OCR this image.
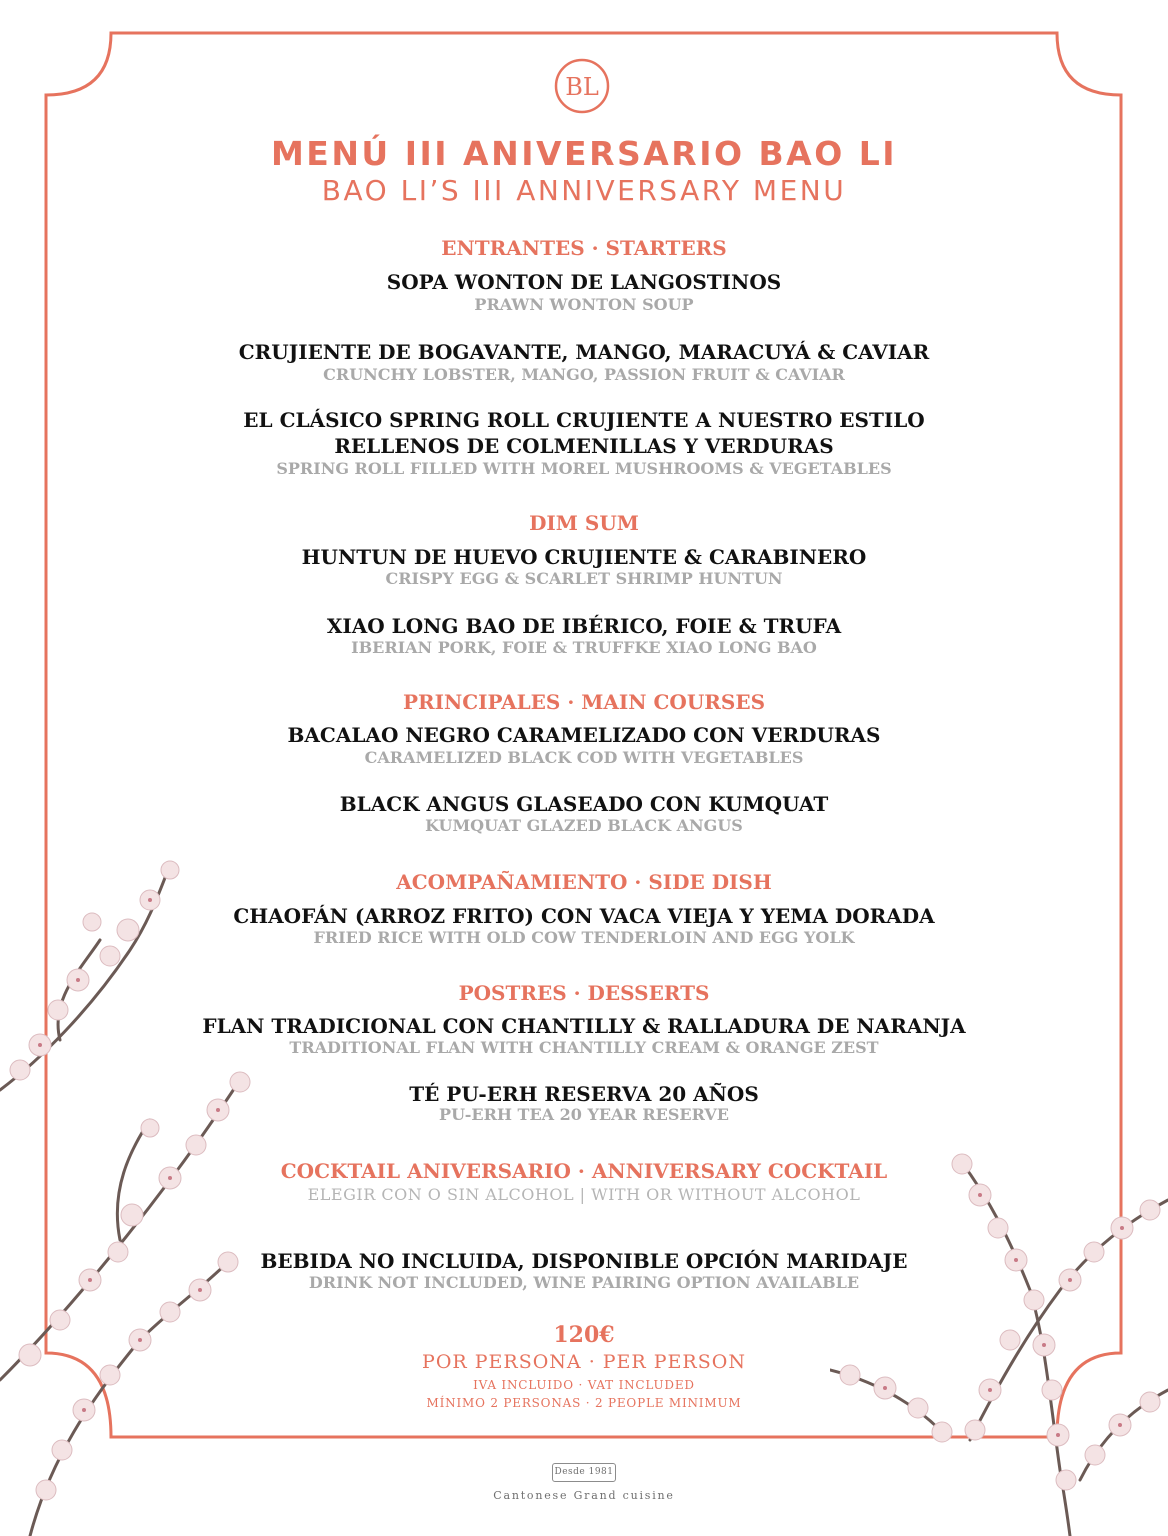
BL
MENÚ III ANIVERSARIO BAO LI
BAO LI’S III ANNIVERSARY MENU
ENTRANTES · STARTERS
SOPA WONTON DE LANGOSTINOS
PRAWN WONTON SOUP
CRUJIENTE DE BOGAVANTE, MANGO, MARACUYÁ & CAVIAR
CRUNCHY LOBSTER, MANGO, PASSION FRUIT & CAVIAR
EL CLÁSICO SPRING ROLL CRUJIENTE A NUESTRO ESTILO
RELLENOS DE COLMENILLAS Y VERDURAS
SPRING ROLL FILLED WITH MOREL MUSHROOMS & VEGETABLES
DIM SUM
HUNTUN DE HUEVO CRUJIENTE & CARABINERO
CRISPY EGG & SCARLET SHRIMP HUNTUN
XIAO LONG BAO DE IBÉRICO, FOIE & TRUFA
IBERIAN PORK, FOIE & TRUFFKE XIAO LONG BAO
PRINCIPALES · MAIN COURSES
BACALAO NEGRO CARAMELIZADO CON VERDURAS
CARAMELIZED BLACK COD WITH VEGETABLES
BLACK ANGUS GLASEADO CON KUMQUAT
KUMQUAT GLAZED BLACK ANGUS
ACOMPAÑAMIENTO · SIDE DISH
CHAOFÁN (ARROZ FRITO) CON VACA VIEJA Y YEMA DORADA
FRIED RICE WITH OLD COW TENDERLOIN AND EGG YOLK
POSTRES · DESSERTS
FLAN TRADICIONAL CON CHANTILLY & RALLADURA DE NARANJA
TRADITIONAL FLAN WITH CHANTILLY CREAM & ORANGE ZEST
TÉ PU-ERH RESERVA 20 AÑOS
PU-ERH TEA 20 YEAR RESERVE
COCKTAIL ANIVERSARIO · ANNIVERSARY COCKTAIL
ELEGIR CON O SIN ALCOHOL | WITH OR WITHOUT ALCOHOL
BEBIDA NO INCLUIDA, DISPONIBLE OPCIÓN MARIDAJE
DRINK NOT INCLUDED, WINE PAIRING OPTION AVAILABLE
120€
POR PERSONA · PER PERSON
IVA INCLUIDO · VAT INCLUDED
MÍNIMO 2 PERSONAS · 2 PEOPLE MINIMUM
Desde 1981
Cantonese Grand cuisine
